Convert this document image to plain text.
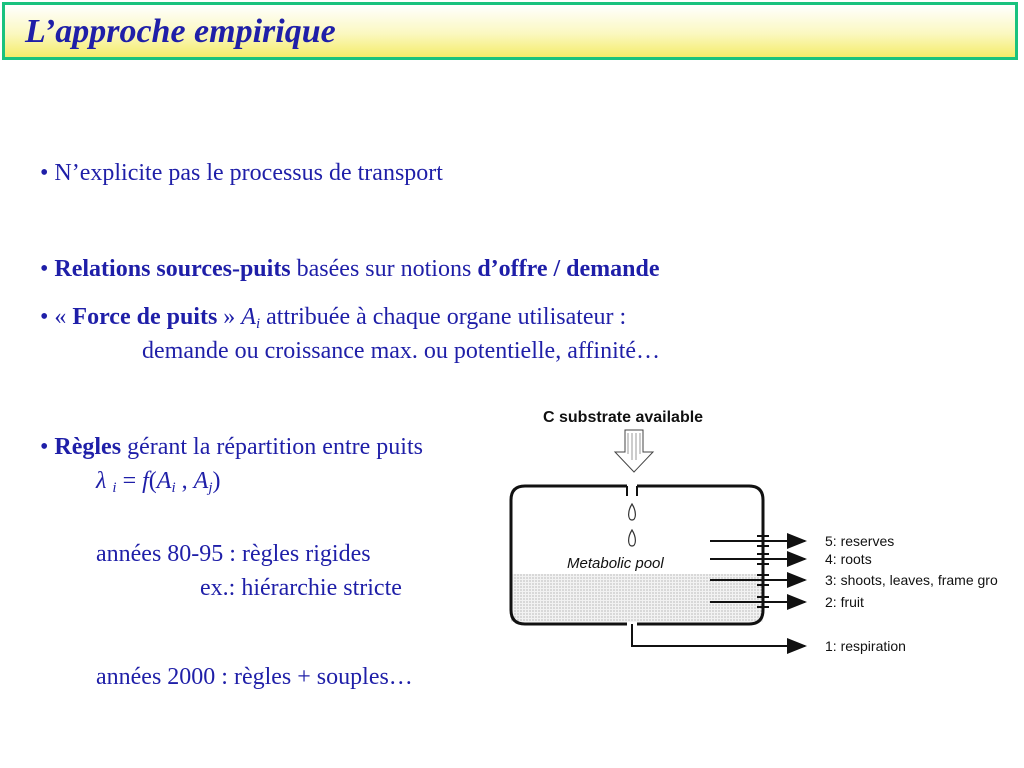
L’approche empirique
• N’explicite pas le processus de transport
• Relations sources-puits basées sur notions d’offre / demande
• « Force de puits » $A_i$ attribuée à chaque organe utilisateur :
demande ou croissance max. ou potentielle, affinité…
• Règles gérant la répartition entre puits
λ $_i = f(A_i$ , $A_j$)
années 80-95 : règles rigides
ex.: hiérarchie stricte
années 2000 : règles + souples…
C substrate available
Metabolic pool
5: reserves
4: roots
3: shoots, leaves, frame gro
2: fruit
1: respiration
